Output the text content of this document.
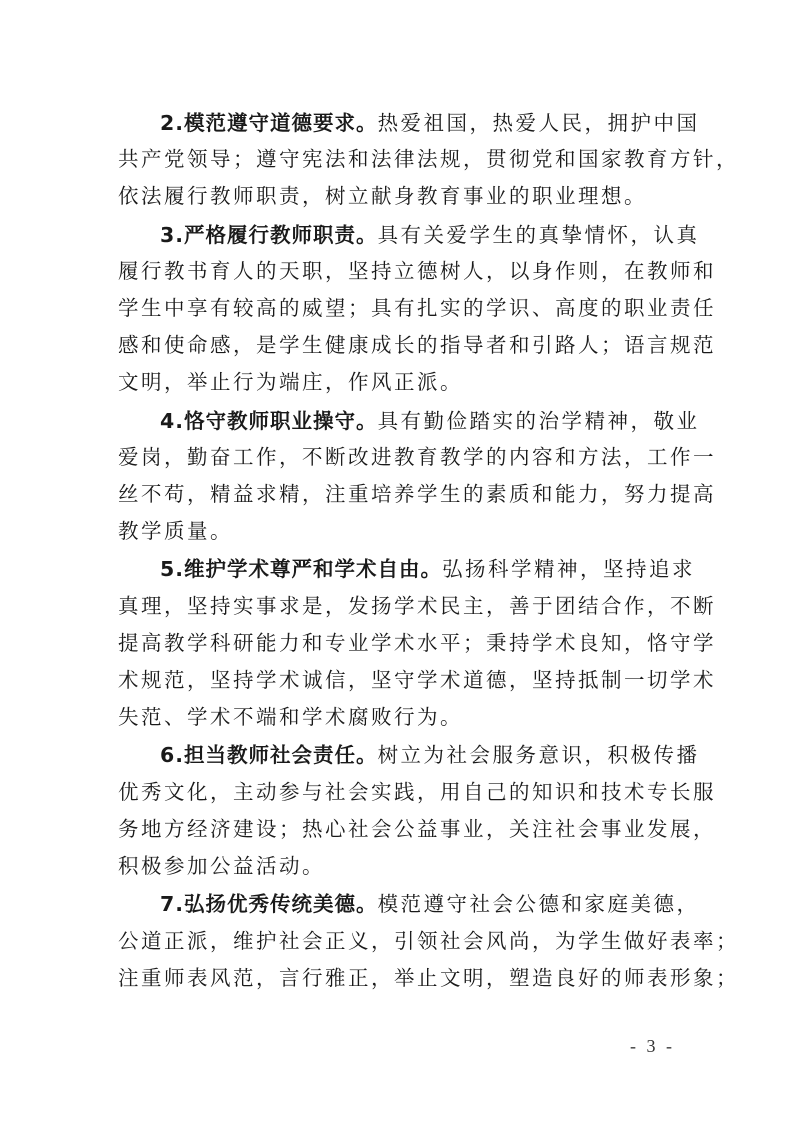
2.模范遵守道德要求。热爱祖国，热爱人民，拥护中国
共产党领导；遵守宪法和法律法规，贯彻党和国家教育方针，
依法履行教师职责，树立献身教育事业的职业理想。
3.严格履行教师职责。具有关爱学生的真挚情怀，认真
履行教书育人的天职，坚持立德树人，以身作则，在教师和
学生中享有较高的威望；具有扎实的学识、高度的职业责任
感和使命感，是学生健康成长的指导者和引路人；语言规范
文明，举止行为端庄，作风正派。
4.恪守教师职业操守。具有勤俭踏实的治学精神，敬业
爱岗，勤奋工作，不断改进教育教学的内容和方法，工作一
丝不苟，精益求精，注重培养学生的素质和能力，努力提高
教学质量。
5.维护学术尊严和学术自由。弘扬科学精神，坚持追求
真理，坚持实事求是，发扬学术民主，善于团结合作，不断
提高教学科研能力和专业学术水平；秉持学术良知，恪守学
术规范，坚持学术诚信，坚守学术道德，坚持抵制一切学术
失范、学术不端和学术腐败行为。
6.担当教师社会责任。树立为社会服务意识，积极传播
优秀文化，主动参与社会实践，用自己的知识和技术专长服
务地方经济建设；热心社会公益事业，关注社会事业发展，
积极参加公益活动。
7.弘扬优秀传统美德。模范遵守社会公德和家庭美德，
公道正派，维护社会正义，引领社会风尚，为学生做好表率；
注重师表风范，言行雅正，举止文明，塑造良好的师表形象；
- 3 -
